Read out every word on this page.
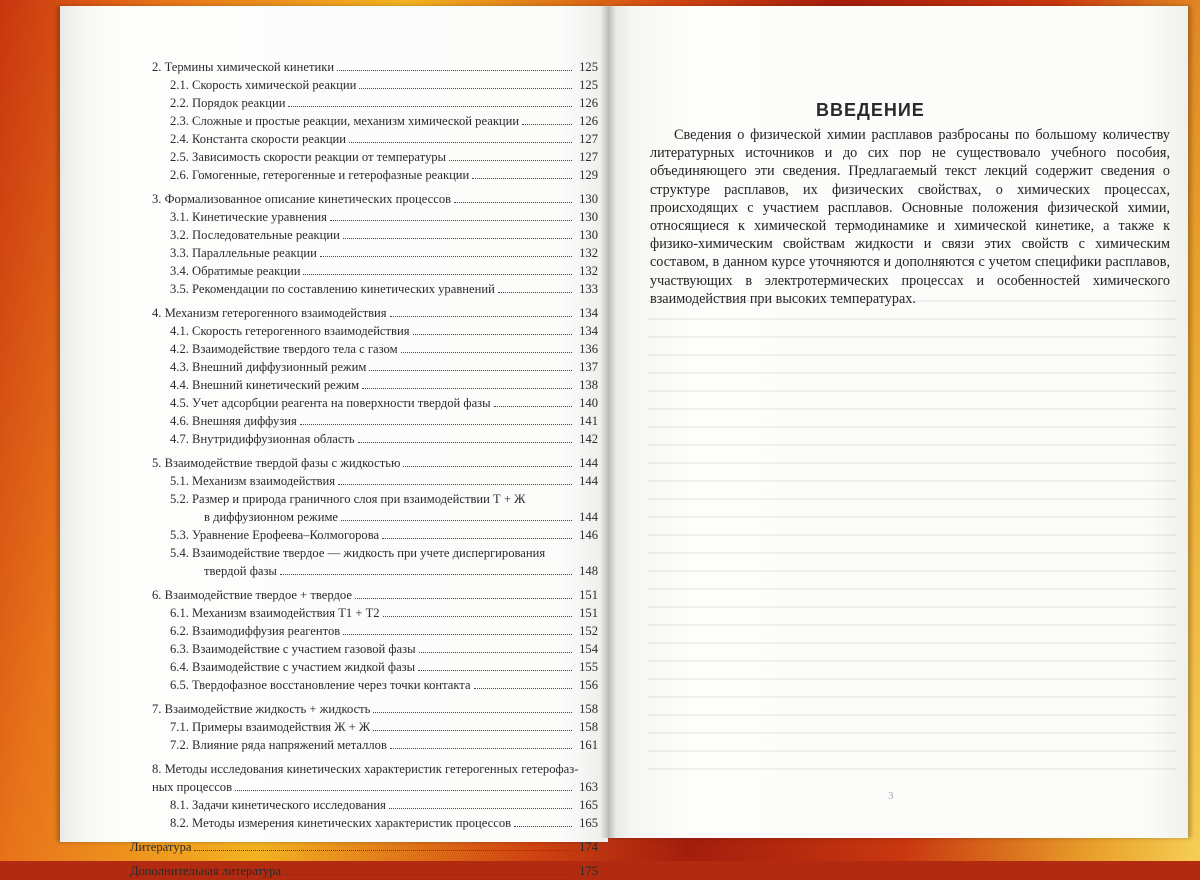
2. Термины химической кинетики	125
2.1. Скорость химической реакции	125
2.2. Порядок реакции	126
2.3. Сложные и простые реакции, механизм химической реакции	126
2.4. Константа скорости реакции	127
2.5. Зависимость скорости реакции от температуры	127
2.6. Гомогенные, гетерогенные и гетерофазные реакции	129
3. Формализованное описание кинетических процессов	130
3.1. Кинетические уравнения	130
3.2. Последовательные реакции	130
3.3. Параллельные реакции	132
3.4. Обратимые реакции	132
3.5. Рекомендации по составлению кинетических уравнений	133
4. Механизм гетерогенного взаимодействия	134
4.1. Скорость гетерогенного взаимодействия	134
4.2. Взаимодействие твердого тела с газом	136
4.3. Внешний диффузионный режим	137
4.4. Внешний кинетический режим	138
4.5. Учет адсорбции реагента на поверхности твердой фазы	140
4.6. Внешняя диффузия	141
4.7. Внутридиффузионная область	142
5. Взаимодействие твердой фазы с жидкостью	144
5.1. Механизм взаимодействия	144
5.2. Размер и природа граничного слоя при взаимодействии Т + Ж
в диффузионном режиме	144
5.3. Уравнение Ерофеева–Колмогорова	146
5.4. Взаимодействие твердое — жидкость при учете диспергирования
твердой фазы	148
6. Взаимодействие твердое + твердое	151
6.1. Механизм взаимодействия Т1 + Т2	151
6.2. Взаимодиффузия реагентов	152
6.3. Взаимодействие с участием газовой фазы	154
6.4. Взаимодействие с участием жидкой фазы	155
6.5. Твердофазное восстановление через точки контакта	156
7. Взаимодействие жидкость + жидкость	158
7.1. Примеры взаимодействия Ж + Ж	158
7.2. Влияние ряда напряжений металлов	161
8. Методы исследования кинетических характеристик гетерогенных гетерофаз-
ных процессов	163
8.1. Задачи кинетического исследования	165
8.2. Методы измерения кинетических характеристик процессов	165
Литература	174
Дополнительная литература	175
ВВЕДЕНИЕ

Сведения о физической химии расплавов разбросаны по большому количеству литературных источников и до сих пор не существовало учебного пособия, объединяющего эти сведения. Предлагаемый текст лекций содержит сведения о структуре расплавов, их физических свойствах, о химических процессах, происходящих с участием расплавов. Основные положения физической химии, относящиеся к химической термодинамике и химической кинетике, а также к физико-химическим свойствам жидкости и связи этих свойств с химическим составом, в данном курсе уточняются и дополняются с учетом специфики расплавов, участвующих в электротермических процессах и особенностей химического взаимодействия при высоких температурах.

3
